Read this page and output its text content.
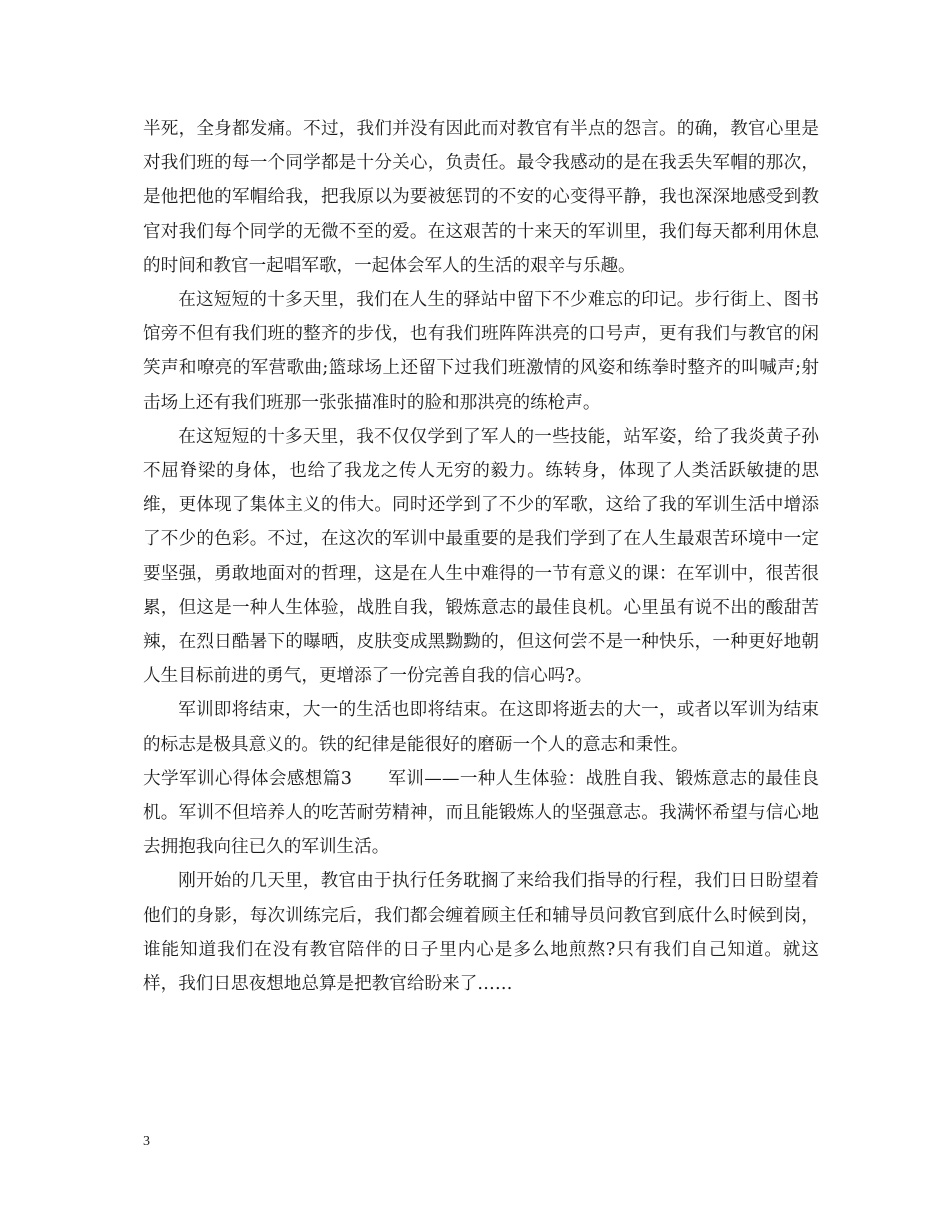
半死，全身都发痛。不过，我们并没有因此而对教官有半点的怨言。的确，教官心里是对我们班的每一个同学都是十分关心，负责任。最令我感动的是在我丢失军帽的那次，是他把他的军帽给我，把我原以为要被惩罚的不安的心变得平静，我也深深地感受到教官对我们每个同学的无微不至的爱。在这艰苦的十来天的军训里，我们每天都利用休息的时间和教官一起唱军歌，一起体会军人的生活的艰辛与乐趣。

在这短短的十多天里，我们在人生的驿站中留下不少难忘的印记。步行街上、图书馆旁不但有我们班的整齐的步伐，也有我们班阵阵洪亮的口号声，更有我们与教官的闲笑声和嘹亮的军营歌曲;篮球场上还留下过我们班激情的风姿和练拳时整齐的叫喊声;射击场上还有我们班那一张张描准时的脸和那洪亮的练枪声。

在这短短的十多天里，我不仅仅学到了军人的一些技能，站军姿，给了我炎黄子孙不屈脊梁的身体，也给了我龙之传人无穷的毅力。练转身，体现了人类活跃敏捷的思维，更体现了集体主义的伟大。同时还学到了不少的军歌，这给了我的军训生活中增添了不少的色彩。不过，在这次的军训中最重要的是我们学到了在人生最艰苦环境中一定要坚强，勇敢地面对的哲理，这是在人生中难得的一节有意义的课：在军训中，很苦很累，但这是一种人生体验，战胜自我，锻炼意志的最佳良机。心里虽有说不出的酸甜苦辣，在烈日酷暑下的曝晒，皮肤变成黑黝黝的，但这何尝不是一种快乐，一种更好地朝人生目标前进的勇气，更增添了一份完善自我的信心吗?。

军训即将结束，大一的生活也即将结束。在这即将逝去的大一，或者以军训为结束的标志是极具意义的。铁的纪律是能很好的磨砺一个人的意志和秉性。

大学军训心得体会感想篇3　　军训——一种人生体验：战胜自我、锻炼意志的最佳良机。军训不但培养人的吃苦耐劳精神，而且能锻炼人的坚强意志。我满怀希望与信心地去拥抱我向往已久的军训生活。

刚开始的几天里，教官由于执行任务耽搁了来给我们指导的行程，我们日日盼望着他们的身影，每次训练完后，我们都会缠着顾主任和辅导员问教官到底什么时候到岗，谁能知道我们在没有教官陪伴的日子里内心是多么地煎熬?只有我们自己知道。就这样，我们日思夜想地总算是把教官给盼来了……

3
